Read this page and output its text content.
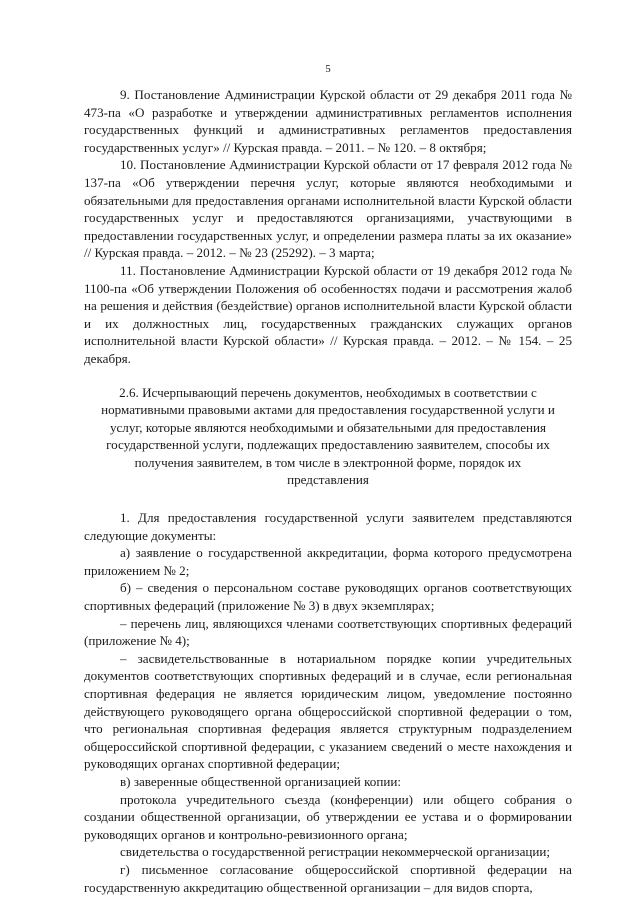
5

9. Постановление Администрации Курской области от 29 декабря 2011 года № 473-па «О разработке и утверждении административных регламентов исполнения государственных функций и административных регламентов предоставления государственных услуг» // Курская правда. – 2011. – № 120. – 8 октября;

10. Постановление Администрации Курской области от 17 февраля 2012 года № 137-па «Об утверждении перечня услуг, которые являются необходимыми и обязательными для предоставления органами исполнительной власти Курской области государственных услуг и предоставляются организациями, участвующими в предоставлении государственных услуг, и определении размера платы за их оказание» // Курская правда. – 2012. – № 23 (25292). – 3 марта;

11. Постановление Администрации Курской области от 19 декабря 2012 года № 1100-па «Об утверждении Положения об особенностях подачи и рассмотрения жалоб на решения и действия (бездействие) органов исполнительной власти Курской области и их должностных лиц, государственных гражданских служащих органов исполнительной власти Курской области» // Курская правда. – 2012. – № 154. – 25 декабря.

2.6. Исчерпывающий перечень документов, необходимых в соответствии с нормативными правовыми актами для предоставления государственной услуги и услуг, которые являются необходимыми и обязательными для предоставления государственной услуги, подлежащих предоставлению заявителем, способы их получения заявителем, в том числе в электронной форме, порядок их представления

1. Для предоставления государственной услуги заявителем представляются следующие документы:

а) заявление о государственной аккредитации, форма которого предусмотрена приложением № 2;

б) – сведения о персональном составе руководящих органов соответствующих спортивных федераций (приложение № 3) в двух экземплярах;

– перечень лиц, являющихся членами соответствующих спортивных федераций (приложение № 4);

– засвидетельствованные в нотариальном порядке копии учредительных документов соответствующих спортивных федераций и в случае, если региональная спортивная федерация не является юридическим лицом, уведомление постоянно действующего руководящего органа общероссийской спортивной федерации о том, что региональная спортивная федерация является структурным подразделением общероссийской спортивной федерации, с указанием сведений о месте нахождения и руководящих органах спортивной федерации;

в) заверенные общественной организацией копии:

протокола учредительного съезда (конференции) или общего собрания о создании общественной организации, об утверждении ее устава и о формировании руководящих органов и контрольно-ревизионного органа;

свидетельства о государственной регистрации некоммерческой организации;

г) письменное согласование общероссийской спортивной федерации на государственную аккредитацию общественной организации – для видов спорта,
